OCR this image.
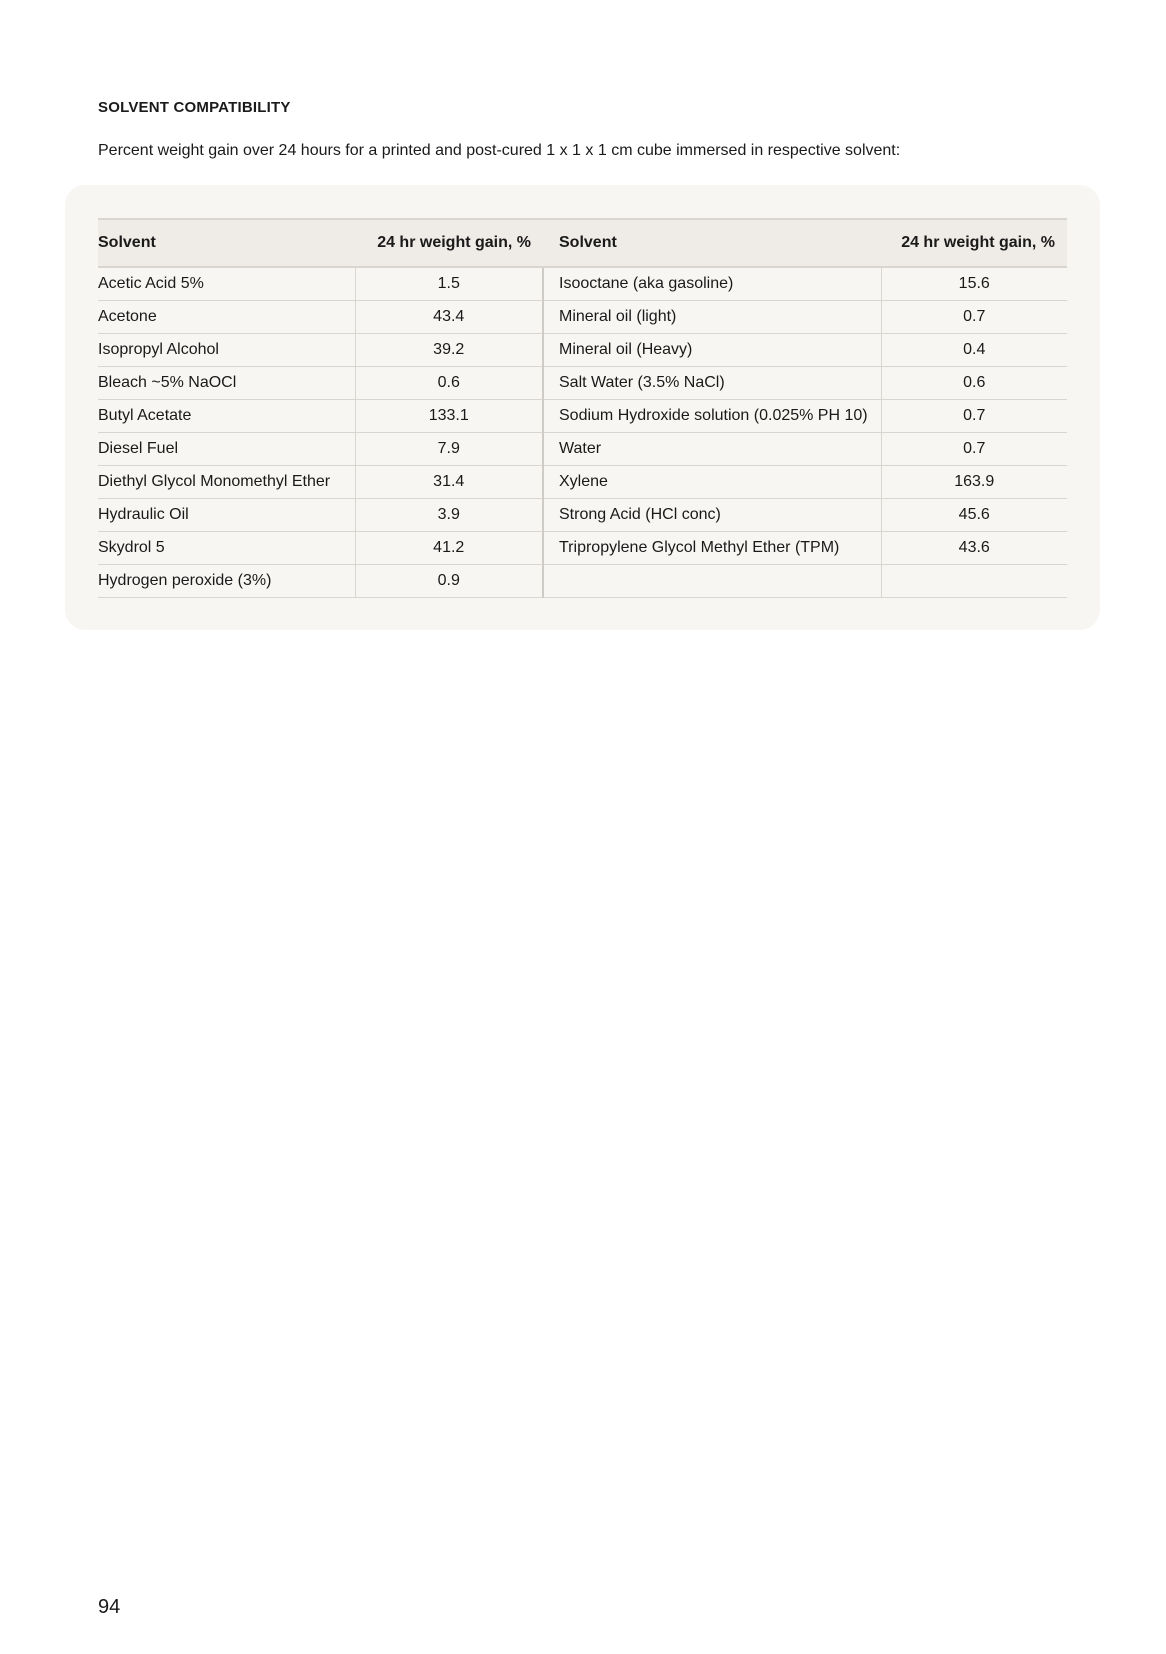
SOLVENT COMPATIBILITY

Percent weight gain over 24 hours for a printed and post-cured 1 x 1 x 1 cm cube immersed in respective solvent:

Solvent	24 hr weight gain, %	Solvent	24 hr weight gain, %
Acetic Acid 5%	1.5	Isooctane (aka gasoline)	15.6
Acetone	43.4	Mineral oil (light)	0.7
Isopropyl Alcohol	39.2	Mineral oil (Heavy)	0.4
Bleach ~5% NaOCl	0.6	Salt Water (3.5% NaCl)	0.6
Butyl Acetate	133.1	Sodium Hydroxide solution (0.025% PH 10)	0.7
Diesel Fuel	7.9	Water	0.7
Diethyl Glycol Monomethyl Ether	31.4	Xylene	163.9
Hydraulic Oil	3.9	Strong Acid (HCl conc)	45.6
Skydrol 5	41.2	Tripropylene Glycol Methyl Ether (TPM)	43.6
Hydrogen peroxide (3%)	0.9		

94
